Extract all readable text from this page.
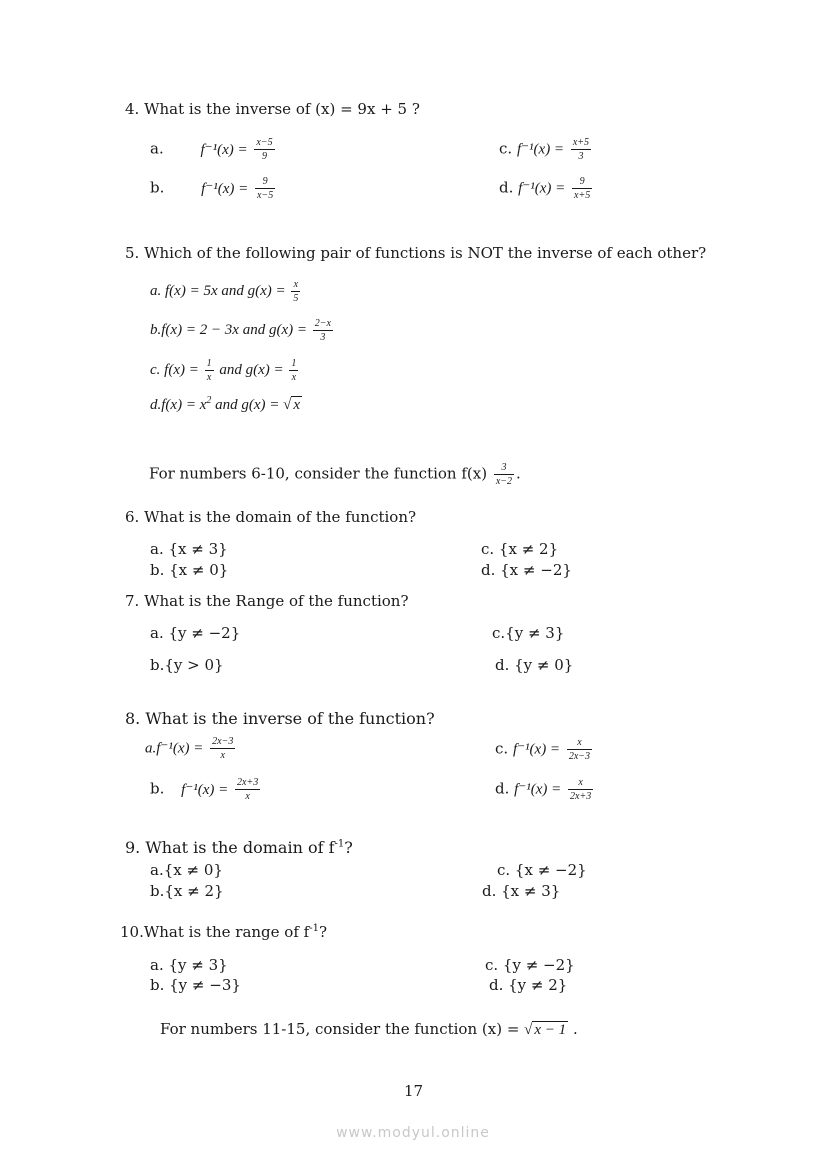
4. What is the inverse of (x) = 9x + 5 ?
a. $f^{-1}(x) = \frac{x-5}{9}$
b. $f^{-1}(x) = \frac{9}{x-5}$
c. $f^{-1}(x) = \frac{x+5}{3}$
d. $f^{-1}(x) = \frac{9}{x+5}$
5. Which of the following pair of functions is NOT the inverse of each other?
a. f(x) = 5x and $g(x) = \frac{x}{5}$
b.f(x) = 2 − 3x and $g(x) = \frac{2-x}{3}$
c. $f(x) = \frac{1}{x}$ and $g(x) = \frac{1}{x}$
$d.f(x) = x^2$ and g(x) = √ x
For numbers 6-10, consider the function $f(x) \frac{3}{x-2}$ .
6. What is the domain of the function?
a. {x ≠ 3}
b. {x ≠ 0}
c. {x ≠ 2}
d. {x ≠ −2}
7. What is the Range of the function?
a. {y ≠ −2}
b.{y > 0}
c.{y ≠ 3}
d. {y ≠ 0}
8. What is the inverse of the function?
$a.f^{-1}(x) = \frac{2x-3}{x}$
b. $f^{-1}(x) = \frac{2x+3}{x}$
c. $f^{-1}(x) = \frac{x}{2x-3}$
d. $f^{-1}(x) = \frac{x}{2x+3}$
9. What is the domain of $f^{-1}$?
a.{x ≠ 0}
b.{x ≠ 2}
c. {x ≠ −2}
d. {x ≠ 3}
10.What is the range of $f^{-1}$?
a. {y ≠ 3}
b. {y ≠ −3}
c. {y ≠ −2}
d. {y ≠ 2}
For numbers 11-15, consider the function (x) = √ x − 1 .
17
www.modyul.online
